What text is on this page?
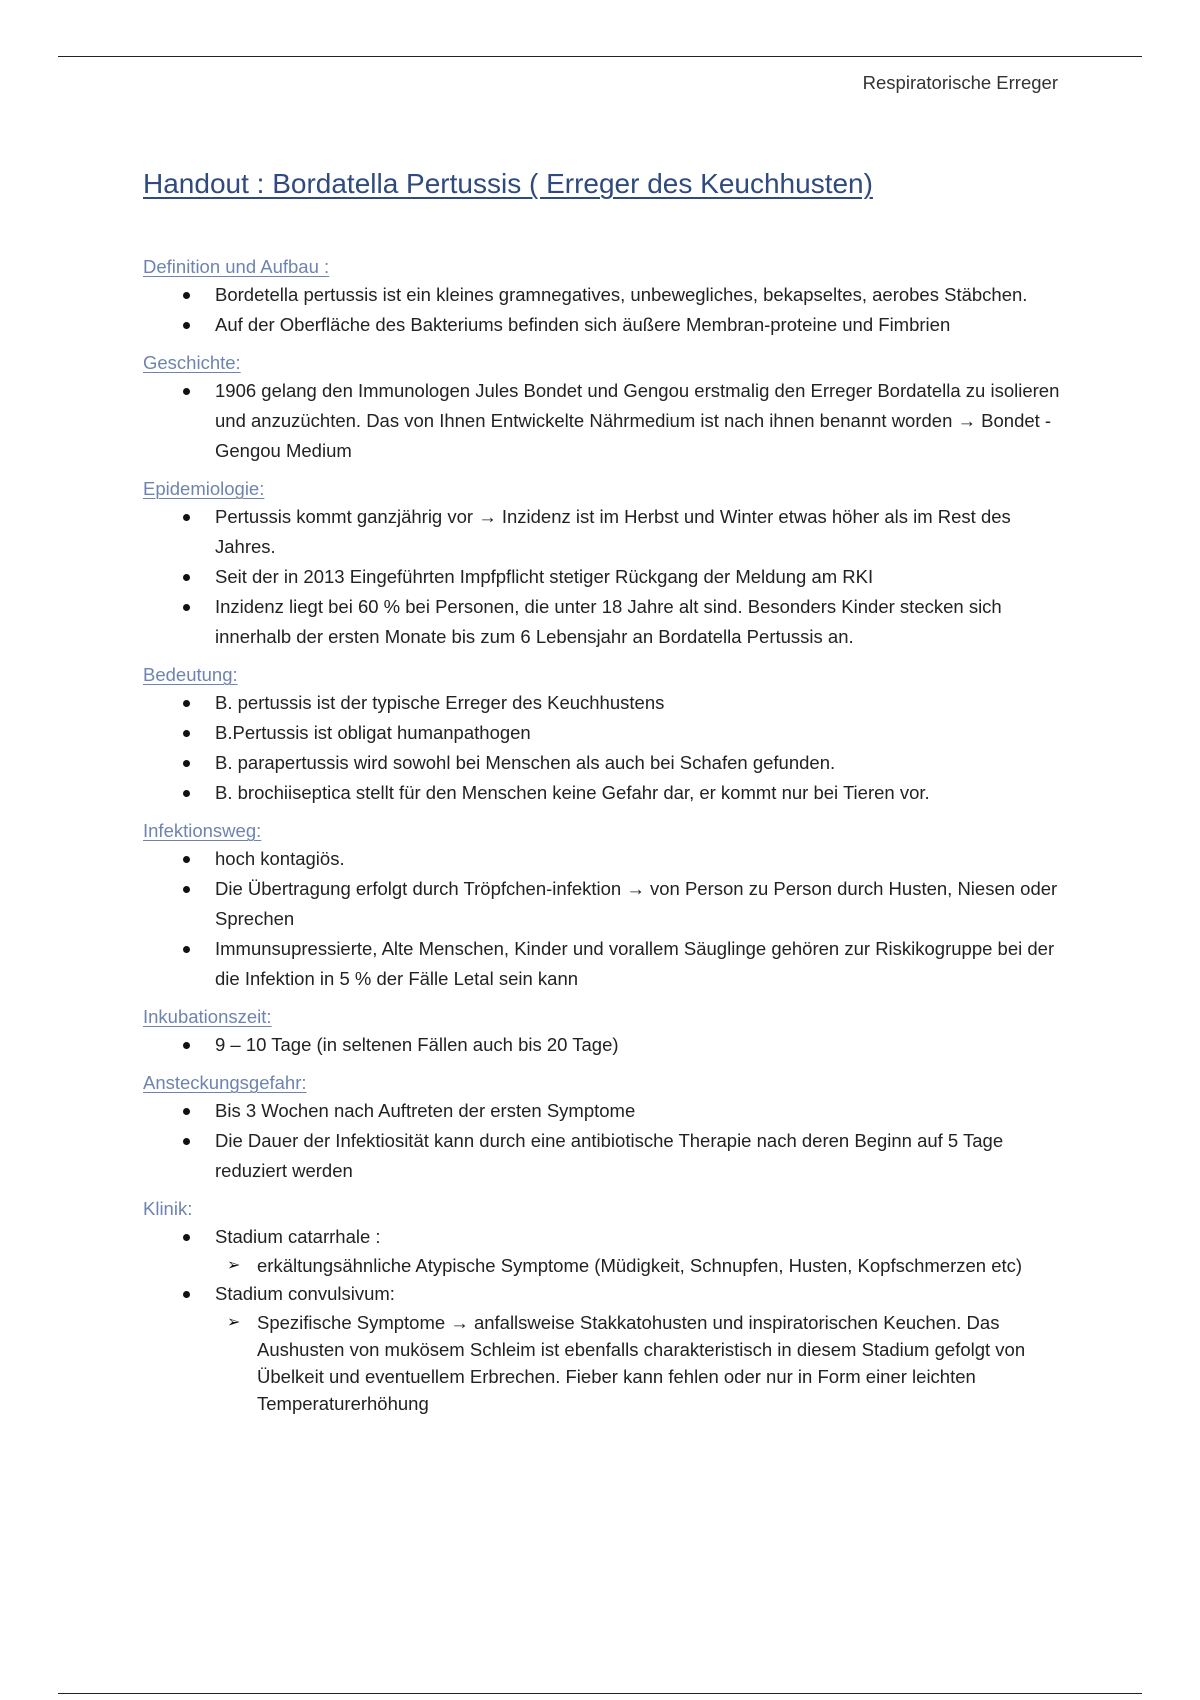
Respiratorische Erreger
Handout : Bordatella Pertussis ( Erreger des Keuchhusten)
Definition und Aufbau :
Bordetella pertussis ist ein kleines gramnegatives, unbewegliches, bekapseltes, aerobes Stäbchen.
Auf der Oberfläche des Bakteriums befinden sich äußere Membran-proteine und Fimbrien
Geschichte:
1906 gelang den Immunologen Jules Bondet und Gengou erstmalig den Erreger Bordatella zu isolieren und anzuzüchten. Das von Ihnen Entwickelte Nährmedium ist nach ihnen benannt worden → Bondet - Gengou Medium
Epidemiologie:
Pertussis kommt ganzjährig vor → Inzidenz ist im Herbst und Winter etwas höher als im Rest des Jahres.
Seit der in 2013 Eingeführten Impfpflicht stetiger Rückgang der Meldung am RKI
Inzidenz liegt bei 60 % bei Personen, die unter 18 Jahre alt sind. Besonders Kinder stecken sich innerhalb der ersten Monate bis zum 6 Lebensjahr an Bordatella Pertussis an.
Bedeutung:
B. pertussis ist der typische Erreger des Keuchhustens
B.Pertussis ist obligat humanpathogen
B. parapertussis wird sowohl bei Menschen als auch bei Schafen gefunden.
B. brochiiseptica stellt für den Menschen keine Gefahr dar, er kommt nur bei Tieren vor.
Infektionsweg:
hoch kontagiös.
Die Übertragung erfolgt durch Tröpfchen-infektion → von Person zu Person durch Husten, Niesen oder Sprechen
Immunsupressierte, Alte Menschen, Kinder und vorallem Säuglinge gehören zur Riskikogruppe bei der die Infektion in 5 % der Fälle Letal sein kann
Inkubationszeit:
9 – 10 Tage (in seltenen Fällen auch bis 20 Tage)
Ansteckungsgefahr:
Bis 3 Wochen nach Auftreten der ersten Symptome
Die Dauer der Infektiosität kann durch eine antibiotische Therapie nach deren Beginn auf 5 Tage reduziert werden
Klinik:
Stadium catarrhale :
➢ erkältungsähnliche Atypische Symptome (Müdigkeit, Schnupfen, Husten, Kopfschmerzen etc)
Stadium convulsivum:
➢ Spezifische Symptome → anfallsweise Stakkatohusten und inspiratorischen Keuchen. Das Aushusten von mukösem Schleim ist ebenfalls charakteristisch in diesem Stadium gefolgt von Übelkeit und eventuellem Erbrechen. Fieber kann fehlen oder nur in Form einer leichten Temperaturerhöhung
